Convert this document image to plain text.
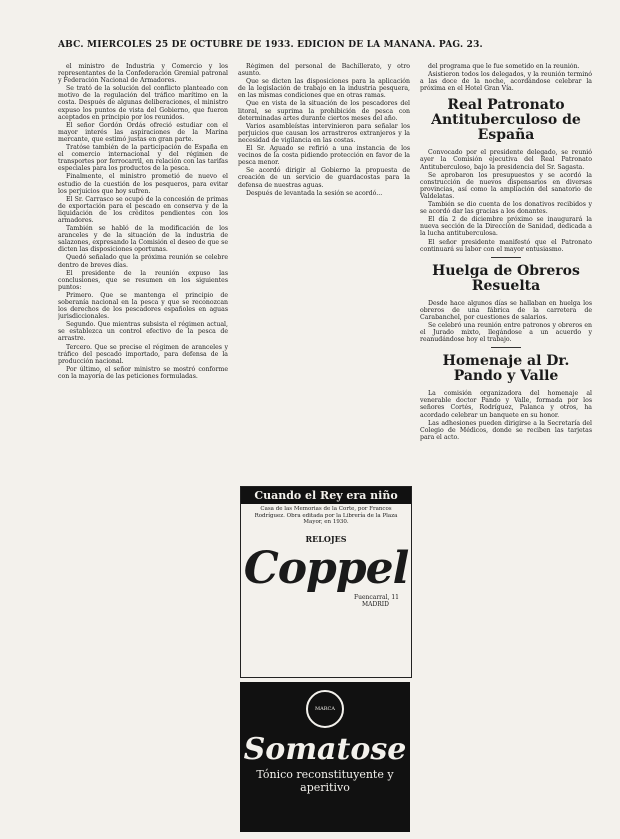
ABC. MIERCOLES 25 DE OCTUBRE DE 1933. EDICION DE LA MAÑANA. PAG. 23.

el ministro de Industria y Comercio y los representantes de la Confederación Gremial patronal y Federación Nacional de Armadores.

Se trató de la solución del conflicto planteado con motivo de la regulación del tráfico marítimo en la costa. Después de algunas deliberaciones, el ministro expuso los puntos de vista del Gobierno, que fueron aceptados en principio por los reunidos.

El señor Gordón Ordás ofreció estudiar con el mayor interés las aspiraciones de la Marina mercante, que estimó justas en gran parte.

Tratóse también de la participación de España en el comercio internacional y del régimen de transportes por ferrocarril, en relación con las tarifas especiales para los productos de la pesca.

Finalmente, el ministro prometió de nuevo el estudio de la cuestión de los pesqueros, para evitar los perjuicios que hoy sufren.

El Sr. Carrasco se ocupó de la concesión de primas de exportación para el pescado en conserva y de la liquidación de los créditos pendientes con los armadores.

También se habló de la modificación de los aranceles y de la situación de la industria de salazones, expresando la Comisión el deseo de que se dicten las disposiciones oportunas.

Quedó señalado que la próxima reunión se celebre dentro de breves días.

El presidente de la reunión expuso las conclusiones, que se resumen en los siguientes puntos:

Primero. Que se mantenga el principio de soberanía nacional en la pesca y que se reconozcan los derechos de los pescadores españoles en aguas jurisdiccionales.

Segundo. Que mientras subsista el régimen actual, se establezca un control efectivo de la pesca de arrastre.

Tercero. Que se precise el régimen de aranceles y tráfico del pescado importado, para defensa de la producción nacional.

Por último, el señor ministro se mostró conforme con la mayoría de las peticiones formuladas.

Régimen del personal de Bachillerato, y otro asunto.

Que se dicten las disposiciones para la aplicación de la legislación de trabajo en la industria pesquera, en las mismas condiciones que en otras ramas.

Que en vista de la situación de los pescadores del litoral, se suprima la prohibición de pesca con determinadas artes durante ciertos meses del año.

Varios asambleístas intervinieron para señalar los perjuicios que causan los arrastreros extranjeros y la necesidad de vigilancia en las costas.

El Sr. Aguado se refirió a una instancia de los vecinos de la costa pidiendo protección en favor de la pesca menor.

Se acordó dirigir al Gobierno la propuesta de creación de un servicio de guardacostas para la defensa de nuestras aguas.

Después de levantada la sesión se acordó...

del programa que le fue sometido en la reunión.

Asistieron todos los delegados, y la reunión terminó a las doce de la noche, acordándose celebrar la próxima en el Hotel Gran Vía.

Real Patronato Antituberculoso de España

Convocado por el presidente delegado, se reunió ayer la Comisión ejecutiva del Real Patronato Antituberculoso, bajo la presidencia del Sr. Sagasta.

Se aprobaron los presupuestos y se acordó la construcción de nuevos dispensarios en diversas provincias, así como la ampliación del sanatorio de Valdelatas.

También se dio cuenta de los donativos recibidos y se acordó dar las gracias a los donantes.

El día 2 de diciembre próximo se inaugurará la nueva sección de la Dirección de Sanidad, dedicada a la lucha antituberculosa.

El señor presidente manifestó que el Patronato continuará su labor con el mayor entusiasmo.

Huelga de Obreros Resuelta

Desde hace algunos días se hallaban en huelga los obreros de una fábrica de la carretera de Carabanchel, por cuestiones de salarios.

Se celebró una reunión entre patronos y obreros en el Jurado mixto, llegándose a un acuerdo y reanudándose hoy el trabajo.

Homenaje al Dr. Pando y Valle

La comisión organizadora del homenaje al venerable doctor Pando y Valle, formada por los señores Cortés, Rodríguez, Palanca y otros, ha acordado celebrar un banquete en su honor.

Las adhesiones pueden dirigirse a la Secretaría del Colegio de Médicos, donde se reciben las tarjetas para el acto.

Cuando el Rey era niño
Casa de las Memorias de la Corte, por Francos Rodríguez. Obra editada por la Librería de la Plaza Mayor, en 1930.
RELOJES
Coppel
Fuencarral, 11
MADRID
MARCA
Somatose
Tónico reconstituyente y aperitivo
